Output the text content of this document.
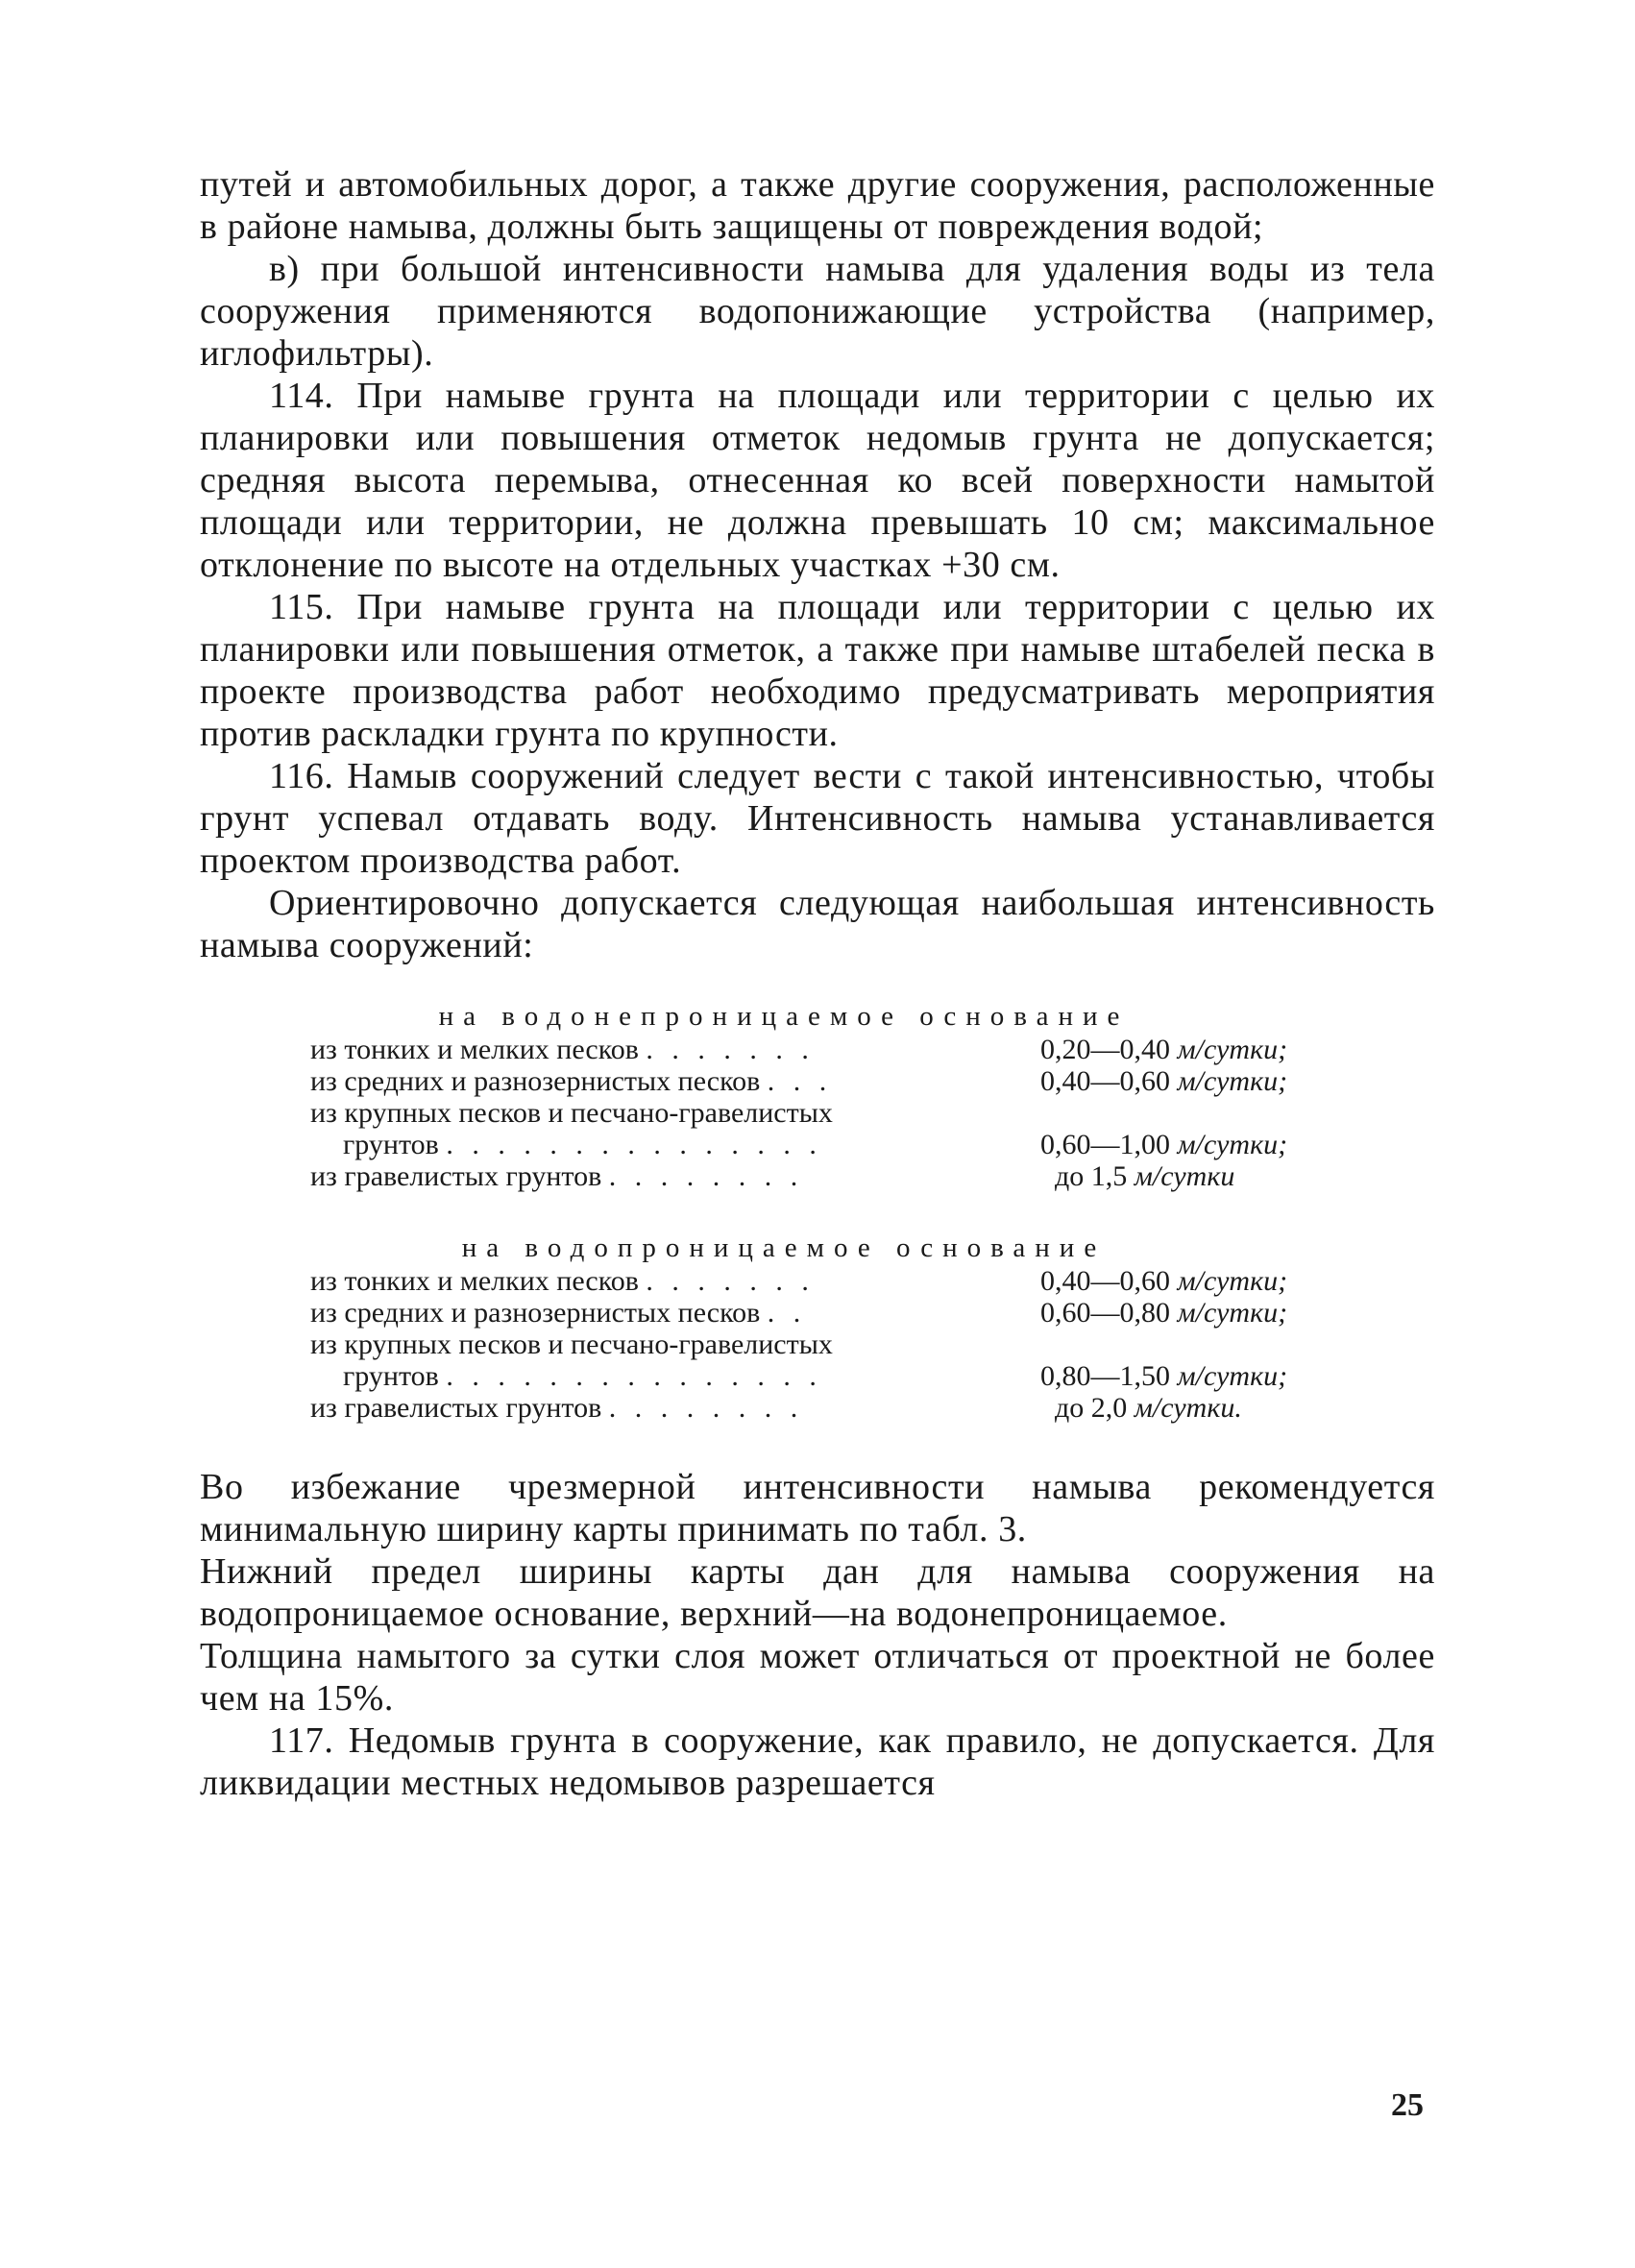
путей и автомобильных дорог, а также другие сооружения, расположенные в районе намыва, должны быть защищены от повреждения водой;

в) при большой интенсивности намыва для удаления воды из тела сооружения применяются водопонижающие устройства (например, иглофильтры).

114. При намыве грунта на площади или территории с целью их планировки или повышения отметок недомыв грунта не допускается; средняя высота перемыва, отнесенная ко всей поверхности намытой площади или территории, не должна превышать 10 см; максимальное отклонение по высоте на отдельных участках +30 см.

115. При намыве грунта на площади или территории с целью их планировки или повышения отметок, а также при намыве штабелей песка в проекте производства работ необходимо предусматривать мероприятия против раскладки грунта по крупности.

116. Намыв сооружений следует вести с такой интенсивностью, чтобы грунт успевал отдавать воду. Интенсивность намыва устанавливается проектом производства работ.

Ориентировочно допускается следующая наибольшая интенсивность намыва сооружений:

на водонепроницаемое основание

из тонких и мелких песков . . . . . . .	0,20—0,40 м/сутки;
из средних и разнозернистых песков . . .	0,40—0,60 м/сутки;
из крупных песков и песчано-гравелистых	
грунтов . . . . . . . . . . . . . . .	0,60—1,00 м/сутки;
из гравелистых грунтов . . . . . . . .	до 1,5 м/сутки

на водопроницаемое основание

из тонких и мелких песков . . . . . . .	0,40—0,60 м/сутки;
из средних и разнозернистых песков . .	0,60—0,80 м/сутки;
из крупных песков и песчано-гравелистых	
грунтов . . . . . . . . . . . . . . .	0,80—1,50 м/сутки;
из гравелистых грунтов . . . . . . . .	до 2,0 м/сутки.

Во избежание чрезмерной интенсивности намыва рекомендуется минимальную ширину карты принимать по табл. 3.

Нижний предел ширины карты дан для намыва сооружения на водопроницаемое основание, верхний—на водонепроницаемое.

Толщина намытого за сутки слоя может отличаться от проектной не более чем на 15%.

117. Недомыв грунта в сооружение, как правило, не допускается. Для ликвидации местных недомывов разрешается

25
